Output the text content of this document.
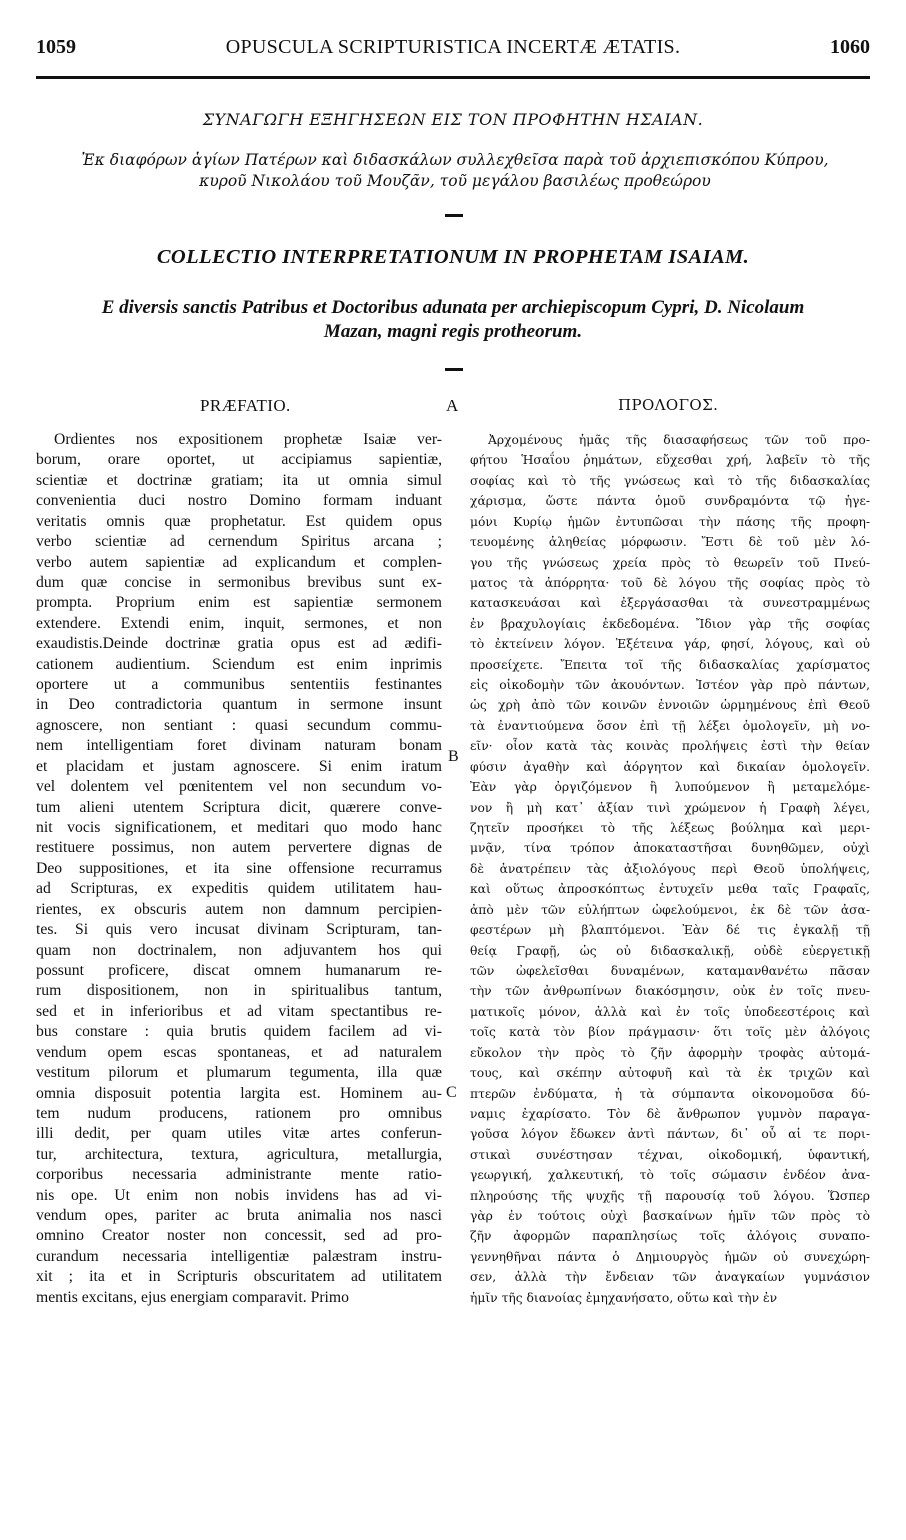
1059	OPUSCULA SCRIPTURISTICA INCERTÆ ÆTATIS.	1060
ΣΥΝΑΓΩΓΗ ΕΞΗΓΗΣΕΩΝ ΕΙΣ ΤΟΝ ΠΡΟΦΗΤΗΝ ΗΣΑΙΑΝ.
Ἐκ διαφόρων ἁγίων Πατέρων καὶ διδασκάλων συλλεχθεῖσα παρὰ τοῦ ἀρχιεπισκόπου Κύπρου,
κυροῦ Νικολάου τοῦ Μουζᾶν, τοῦ μεγάλου βασιλέως προθεώρου
COLLECTIO INTERPRETATIONUM IN PROPHETAM ISAIAM.
E diversis sanctis Patribus et Doctoribus adunata per archiepiscopum Cypri, D. Nicolaum
Mazan, magni regis protheorum.
PRÆFATIO.	A	ΠΡΟΛΟΓΟΣ.
Ordientes nos expositionem prophetæ Isaiæ ver-
borum, orare oportet, ut accipiamus sapientiæ,
scientiæ et doctrinæ gratiam; ita ut omnia simul
convenientia duci nostro Domino formam induant
veritatis omnis quæ prophetatur. Est quidem opus
verbo scientiæ ad cernendum Spiritus arcana ;
verbo autem sapientiæ ad explicandum et complen-
dum quæ concise in sermonibus brevibus sunt ex-
prompta. Proprium enim est sapientiæ sermonem
extendere. Extendi enim, inquit, sermones, et non
exaudistis.Deinde doctrinæ gratia opus est ad ædifi-
cationem audientium. Sciendum est enim inprimis
oportere ut a communibus sententiis festinantes
in Deo contradictoria quantum in sermone insunt
agnoscere, non sentiant : quasi secundum commu-
nem intelligentiam foret divinam naturam bonam
et placidam et justam agnoscere. Si enim iratum
vel dolentem vel pœnitentem vel non secundum vo-
tum alieni utentem Scriptura dicit, quærere conve-
nit vocis significationem, et meditari quo modo hanc
restituere possimus, non autem pervertere dignas de
Deo suppositiones, et ita sine offensione recurramus
ad Scripturas, ex expeditis quidem utilitatem hau-
rientes, ex obscuris autem non damnum percipien-
tes. Si quis vero incusat divinam Scripturam, tan-
quam non doctrinalem, non adjuvantem hos qui
possunt proficere, discat omnem humanarum re-
rum dispositionem, non in spiritualibus tantum,
sed et in inferioribus et ad vitam spectantibus re-
bus constare : quia brutis quidem facilem ad vi-
vendum opem escas spontaneas, et ad naturalem
vestitum pilorum et plumarum tegumenta, illa quæ
omnia disposuit potentia largita est. Hominem au-
tem nudum producens, rationem pro omnibus
illi dedit, per quam utiles vitæ artes conferun-
tur, architectura, textura, agricultura, metallurgia,
corporibus necessaria administrante mente ratio-
nis ope. Ut enim non nobis invidens has ad vi-
vendum opes, pariter ac bruta animalia nos nasci
omnino Creator noster non concessit, sed ad pro-
curandum necessaria intelligentiæ palæstram instru-
xit ; ita et in Scripturis obscuritatem ad utilitatem
mentis excitans, ejus energiam comparavit. Primo
B
C
Ἀρχομένους ἡμᾶς τῆς διασαφήσεως τῶν τοῦ προ-
φήτου Ἡσαΐου ῥημάτων, εὔχεσθαι χρή, λαβεῖν τὸ τῆς
σοφίας καὶ τὸ τῆς γνώσεως καὶ τὸ τῆς διδασκαλίας
χάρισμα, ὥστε πάντα ὁμοῦ συνδραμόντα τῷ ἡγε-
μόνι Κυρίῳ ἡμῶν ἐντυπῶσαι τὴν πάσης τῆς προφη-
τευομένης ἀληθείας μόρφωσιν. Ἔστι δὲ τοῦ μὲν λό-
γου τῆς γνώσεως χρεία πρὸς τὸ θεωρεῖν τοῦ Πνεύ-
ματος τὰ ἀπόρρητα· τοῦ δὲ λόγου τῆς σοφίας πρὸς τὸ
κατασκευάσαι καὶ ἐξεργάσασθαι τὰ συνεστραμμένως
ἐν βραχυλογίαις ἐκδεδομένα. Ἴδιον γὰρ τῆς σοφίας
τὸ ἐκτείνειν λόγον. Ἐξέτεινα γάρ, φησί, λόγους, καὶ οὐ
προσείχετε. Ἔπειτα τοῖ τῆς διδασκαλίας χαρίσματος
εἰς οἰκοδομὴν τῶν ἀκουόντων. Ἰστέον γὰρ πρὸ πάντων,
ὡς χρὴ ἀπὸ τῶν κοινῶν ἐννοιῶν ὡρμημένους ἐπὶ Θεοῦ
τὰ ἐναντιούμενα ὅσον ἐπὶ τῇ λέξει ὁμολογεῖν, μὴ νο-
εῖν· οἷον κατὰ τὰς κοινὰς προλήψεις ἐστὶ τὴν θείαν
φύσιν ἀγαθὴν καὶ ἀόργητον καὶ δικαίαν ὁμολογεῖν.
Ἐὰν γὰρ ὀργιζόμενον ἢ λυπούμενον ἢ μεταμελόμε-
νον ἢ μὴ κατ᾽ ἀξίαν τινὶ χρώμενον ἡ Γραφὴ λέγει,
ζητεῖν προσήκει τὸ τῆς λέξεως βούλημα καὶ μερι-
μνᾷν, τίνα τρόπον ἀποκαταστῆσαι δυνηθῶμεν, οὐχὶ
δὲ ἀνατρέπειν τὰς ἀξιολόγους περὶ Θεοῦ ὑπολήψεις,
καὶ οὕτως ἀπροσκόπτως ἐντυχεῖν μεθα ταῖς Γραφαῖς,
ἀπὸ μὲν τῶν εὐλήπτων ὠφελούμενοι, ἐκ δὲ τῶν ἀσα-
φεστέρων μὴ βλαπτόμενοι. Ἐὰν δέ τις ἐγκαλῇ τῇ
θείᾳ Γραφῇ, ὡς οὐ διδασκαλικῇ, οὐδὲ εὐεργετικῇ
τῶν ὠφελεῖσθαι δυναμένων, καταμανθανέτω πᾶσαν
τὴν τῶν ἀνθρωπίνων διακόσμησιν, οὐκ ἐν τοῖς πνευ-
ματικοῖς μόνον, ἀλλὰ καὶ ἐν τοῖς ὑποδεεστέροις καὶ
τοῖς κατὰ τὸν βίον πράγμασιν· ὅτι τοῖς μὲν ἀλόγοις
εὔκολον τὴν πρὸς τὸ ζῆν ἀφορμὴν τροφὰς αὐτομά-
τους, καὶ σκέπην αὐτοφυῆ καὶ τὰ ἐκ τριχῶν καὶ
πτερῶν ἐνδύματα, ἡ τὰ σύμπαντα οἰκονομοῦσα δύ-
ναμις ἐχαρίσατο. Τὸν δὲ ἄνθρωπον γυμνὸν παραγα-
γοῦσα λόγον ἔδωκεν ἀντὶ πάντων, δι᾽ οὗ αἱ τε πορι-
στικαὶ συνέστησαν τέχναι, οἰκοδομική, ὑφαντική,
γεωργική, χαλκευτική, τὸ τοῖς σώμασιν ἐνδέον ἀνα-
πληρούσης τῆς ψυχῆς τῇ παρουσίᾳ τοῦ λόγου. Ὥσπερ
γὰρ ἐν τούτοις οὐχὶ βασκαίνων ἡμῖν τῶν πρὸς τὸ
ζῆν ἀφορμῶν παραπλησίως τοῖς ἀλόγοις συναπο-
γεννηθῆναι πάντα ὁ Δημιουργὸς ἡμῶν οὐ συνεχώρη-
σεν, ἀλλὰ τὴν ἔνδειαν τῶν ἀναγκαίων γυμνάσιον
ἡμῖν τῆς διανοίας ἐμηχανήσατο, οὕτω καὶ τὴν ἐν
